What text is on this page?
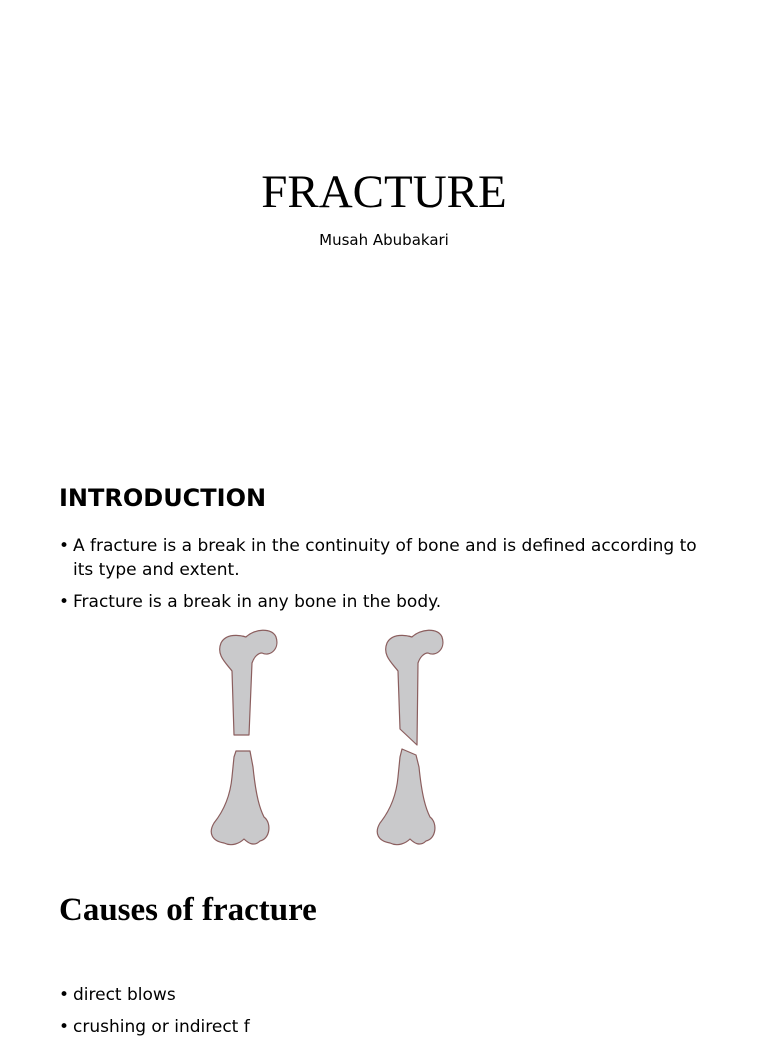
FRACTURE

Musah Abubakari

INTRODUCTION
• A fracture is a break in the continuity of bone and is defined according to its type and extent.
• Fracture is a break in any bone in the body.
Causes of fracture
• direct blows
• crushing or indirect f
